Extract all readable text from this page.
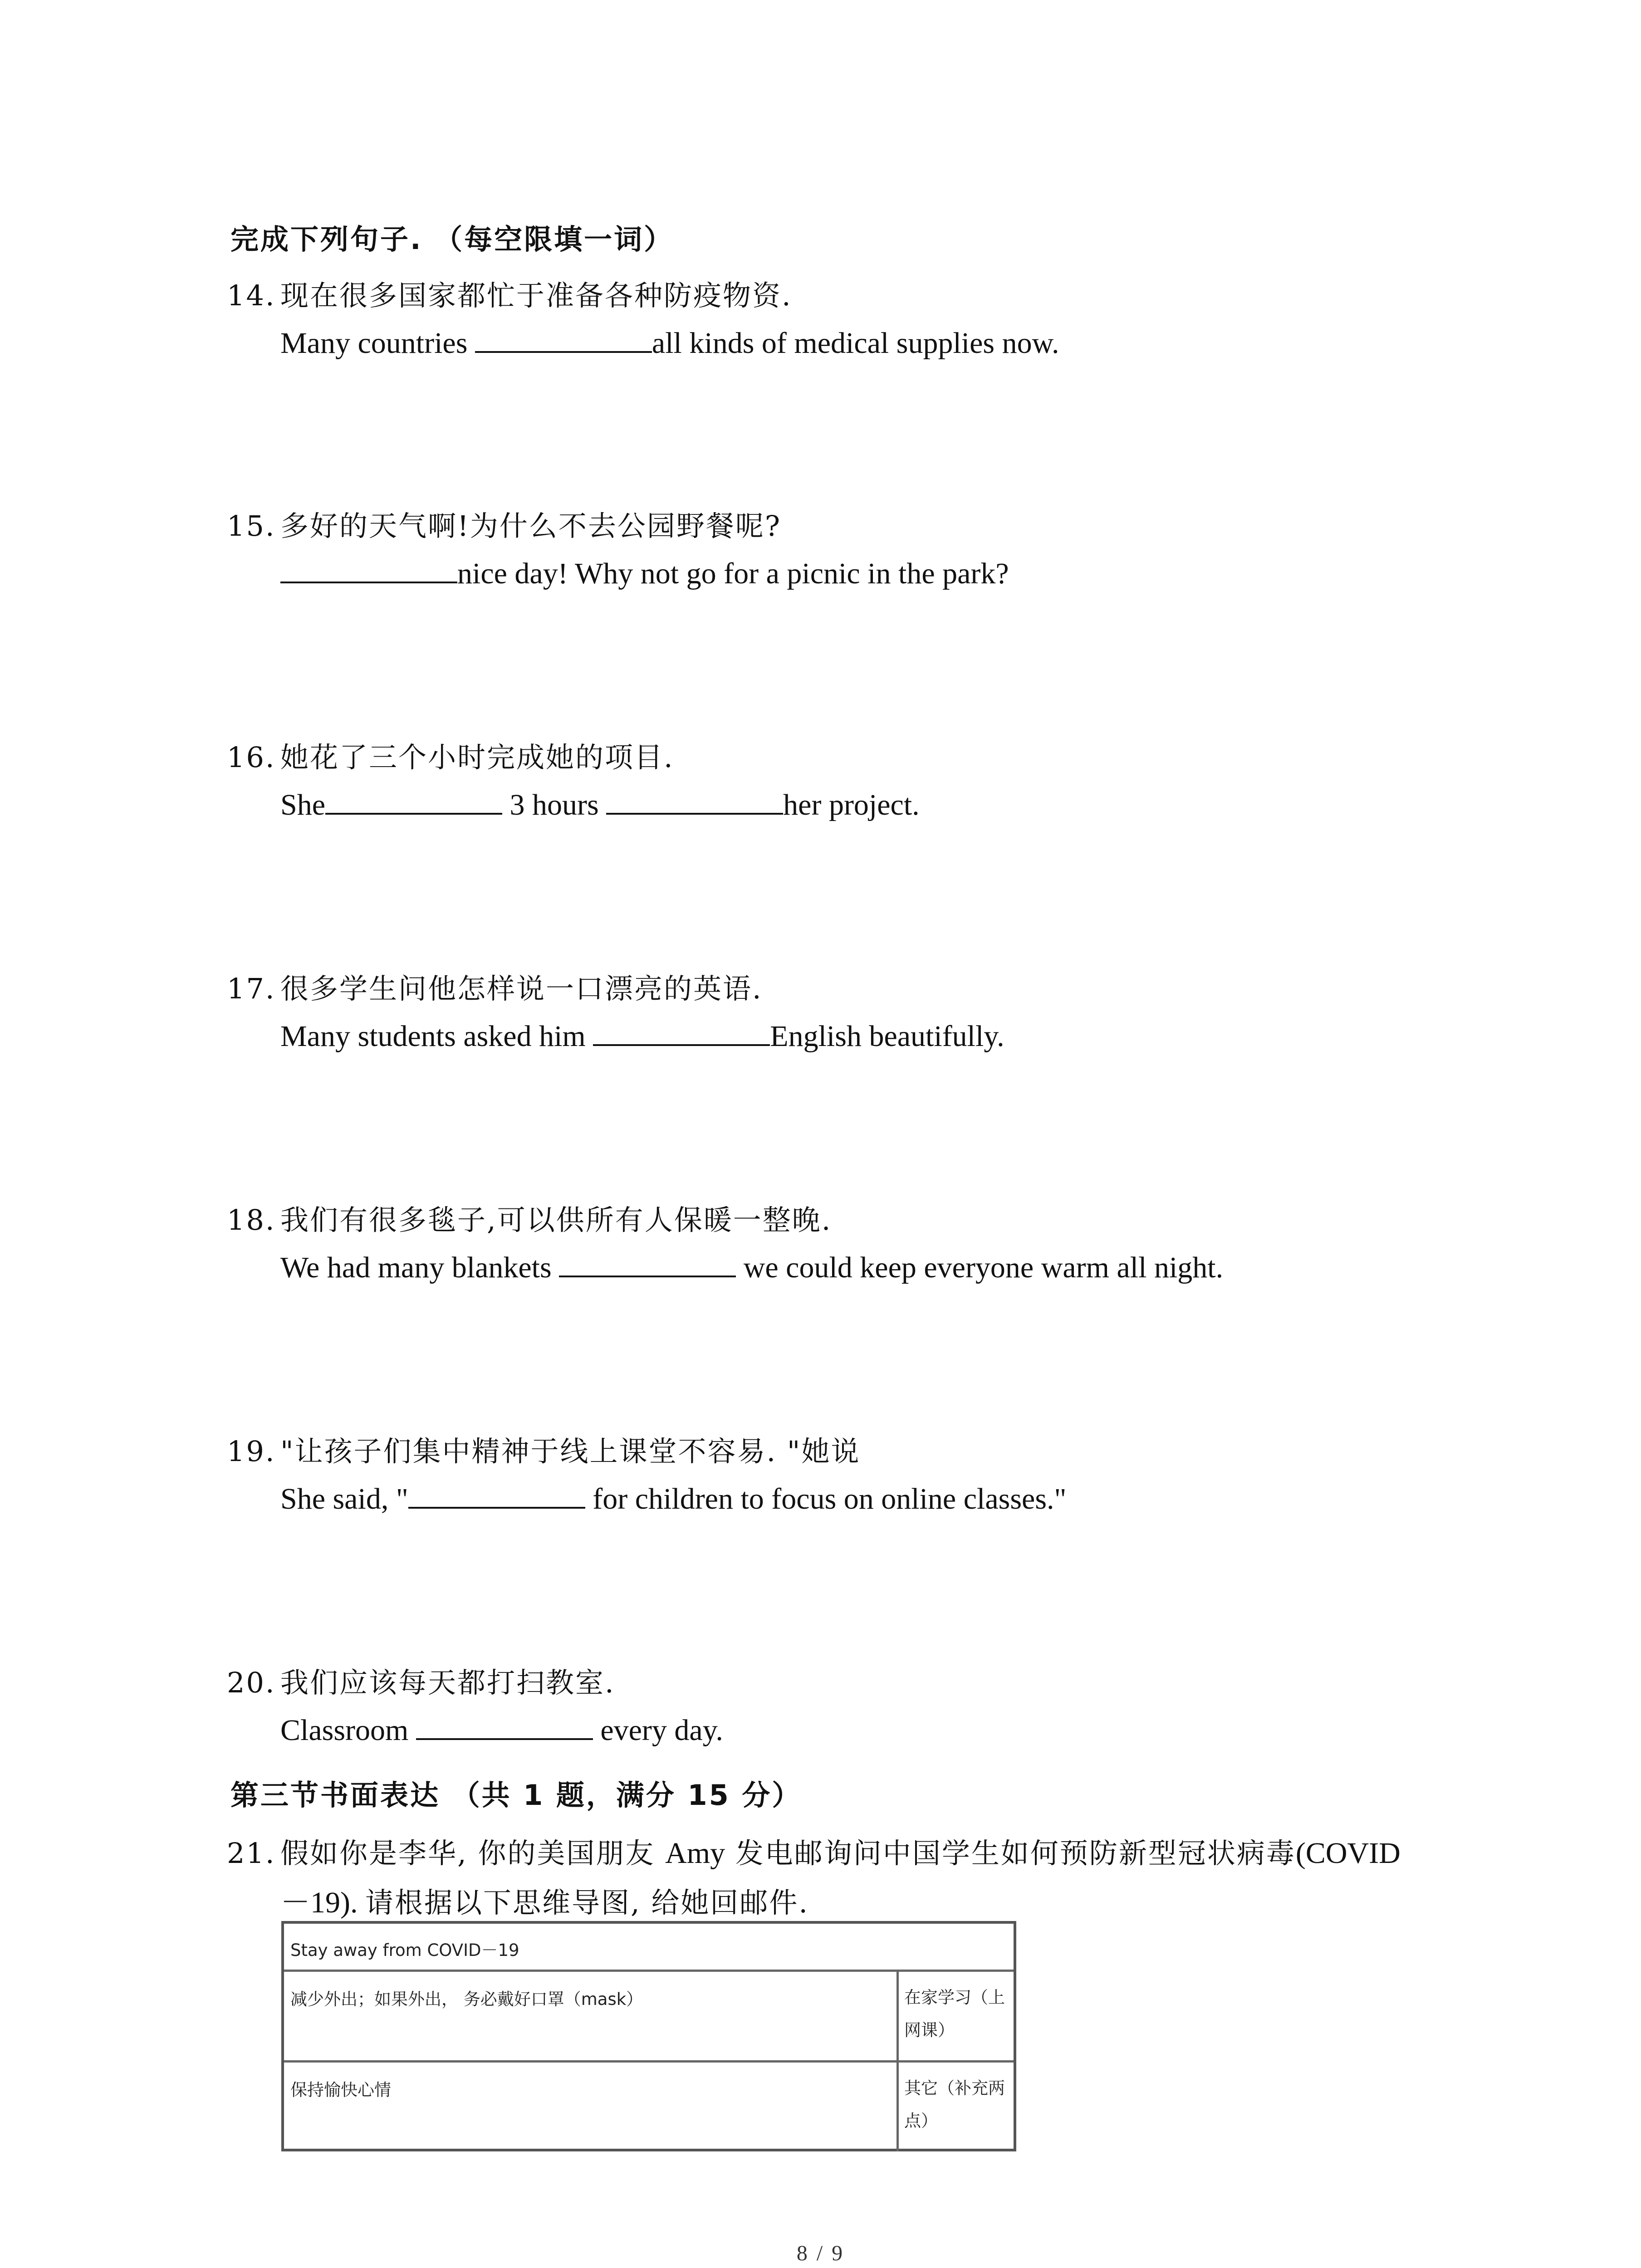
完成下列句子. （每空限填一词）
14. 现在很多国家都忙于准备各种防疫物资.
Many countries	all kinds of medical supplies now.
15. 多好的天气啊!为什么不去公园野餐呢?
nice day! Why not go for a picnic in the park?
16. 她花了三个小时完成她的项目.
She	3 hours	her project.
17. 很多学生问他怎样说一口漂亮的英语.
Many students asked him	English beautifully.
18. 我们有很多毯子,可以供所有人保暖一整晚.
We had many blankets	we could keep everyone warm all night.
19. "让孩子们集中精神于线上课堂不容易. "她说
She said, "	for children to focus on online classes."
20. 我们应该每天都打扫教室.
Classroom	every day.
第三节书面表达 （共 1 题，满分 15 分）
21. 假如你是李华, 你的美国朋友 Amy 发电邮询问中国学生如何预防新型冠状病毒(COVID
－19). 请根据以下思维导图, 给她回邮件.
Stay away from COVID－19
减少外出；如果外出， 务必戴好口罩（mask）	在家学习（上
网课）
保持愉快心情	其它（补充两
点）
8 / 9
